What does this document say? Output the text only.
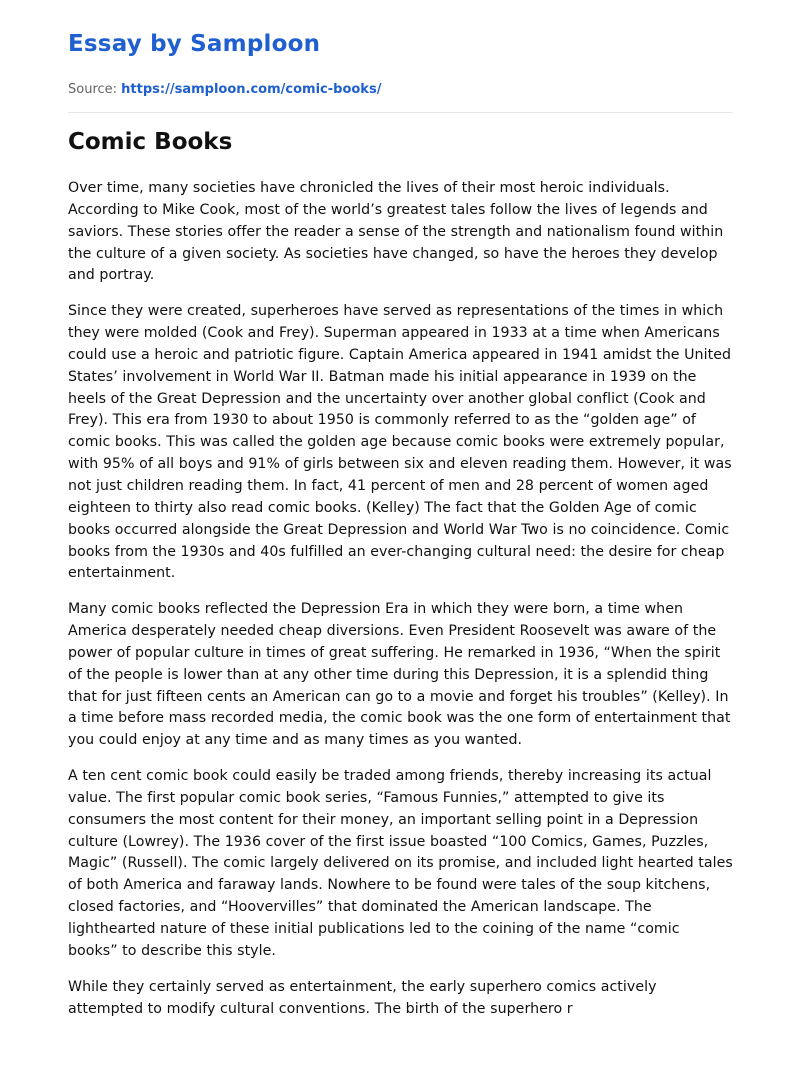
Essay by Samploon
Source: https://samploon.com/comic-books/
Comic Books

Over time, many societies have chronicled the lives of their most heroic individuals. According to Mike Cook, most of the world’s greatest tales follow the lives of legends and saviors. These stories offer the reader a sense of the strength and nationalism found within the culture of a given society. As societies have changed, so have the heroes they develop and portray.

Since they were created, superheroes have served as representations of the times in which they were molded (Cook and Frey). Superman appeared in 1933 at a time when Americans could use a heroic and patriotic figure. Captain America appeared in 1941 amidst the United States’ involvement in World War II. Batman made his initial appearance in 1939 on the heels of the Great Depression and the uncertainty over another global conflict (Cook and Frey). This era from 1930 to about 1950 is commonly referred to as the “golden age” of comic books. This was called the golden age because comic books were extremely popular, with 95% of all boys and 91% of girls between six and eleven reading them. However, it was not just children reading them. In fact, 41 percent of men and 28 percent of women aged eighteen to thirty also read comic books. (Kelley) The fact that the Golden Age of comic books occurred alongside the Great Depression and World War Two is no coincidence. Comic books from the 1930s and 40s fulfilled an ever-changing cultural need: the desire for cheap entertainment.

Many comic books reflected the Depression Era in which they were born, a time when America desperately needed cheap diversions. Even President Roosevelt was aware of the power of popular culture in times of great suffering. He remarked in 1936, “When the spirit of the people is lower than at any other time during this Depression, it is a splendid thing that for just fifteen cents an American can go to a movie and forget his troubles” (Kelley). In a time before mass recorded media, the comic book was the one form of entertainment that you could enjoy at any time and as many times as you wanted.

A ten cent comic book could easily be traded among friends, thereby increasing its actual value. The first popular comic book series, “Famous Funnies,” attempted to give its consumers the most content for their money, an important selling point in a Depression culture (Lowrey). The 1936 cover of the first issue boasted “100 Comics, Games, Puzzles, Magic” (Russell). The comic largely delivered on its promise, and included light hearted tales of both America and faraway lands. Nowhere to be found were tales of the soup kitchens, closed factories, and “Hoovervilles” that dominated the American landscape. The lighthearted nature of these initial publications led to the coining of the name “comic books” to describe this style.

While they certainly served as entertainment, the early superhero comics actively attempted to modify cultural conventions. The birth of the superhero r
